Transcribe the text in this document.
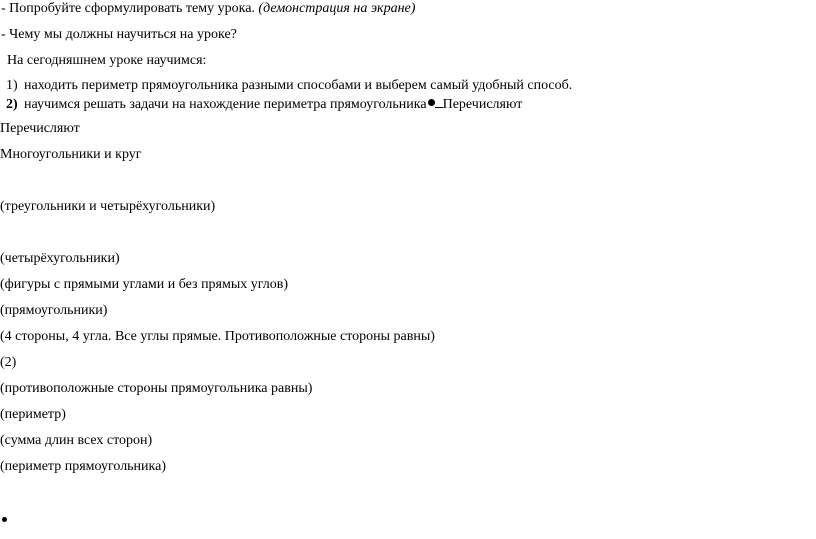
- Попробуйте сформулировать тему урока. (демонстрация на экране)
- Чему мы должны научиться на уроке?
На сегодняшнем уроке научимся:
1) находить периметр прямоугольника разными способами и выберем самый удобный способ.
2) научимся решать задачи на нахождение периметра прямоугольника Перечисляют
Перечисляют
Многоугольники и круг
(треугольники и четырёхугольники)
(четырёхугольники)
(фигуры с прямыми углами и без прямых углов)
(прямоугольники)
(4 стороны, 4 угла. Все углы прямые. Противоположные стороны равны)
(2)
(противоположные стороны прямоугольника равны)
(периметр)
(сумма длин всех сторон)
(периметр прямоугольника)
